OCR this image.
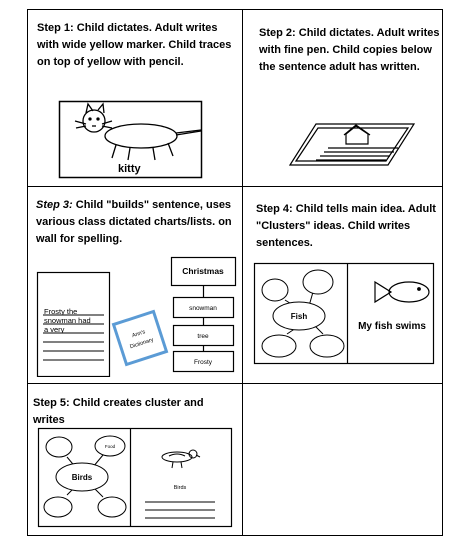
Step 1: Child dictates. Adult writes with wide yellow marker. Child traces on top of yellow with pencil.
kitty
Step 2: Child dictates. Adult writes with fine pen. Child copies below the sentence adult has written.
Step 3: Child "builds" sentence, uses various class dictated charts/lists. on wall for spelling.
Frosty the
snowman had
a very	Ann's
Dictionary
Christmas
snowman
tree
Frosty
Step 4: Child tells main idea. Adult "Clusters" ideas. Child writes sentences.
Fish
My fish swims
Step 5: Child creates cluster and writes
Food
Birds
Birds
